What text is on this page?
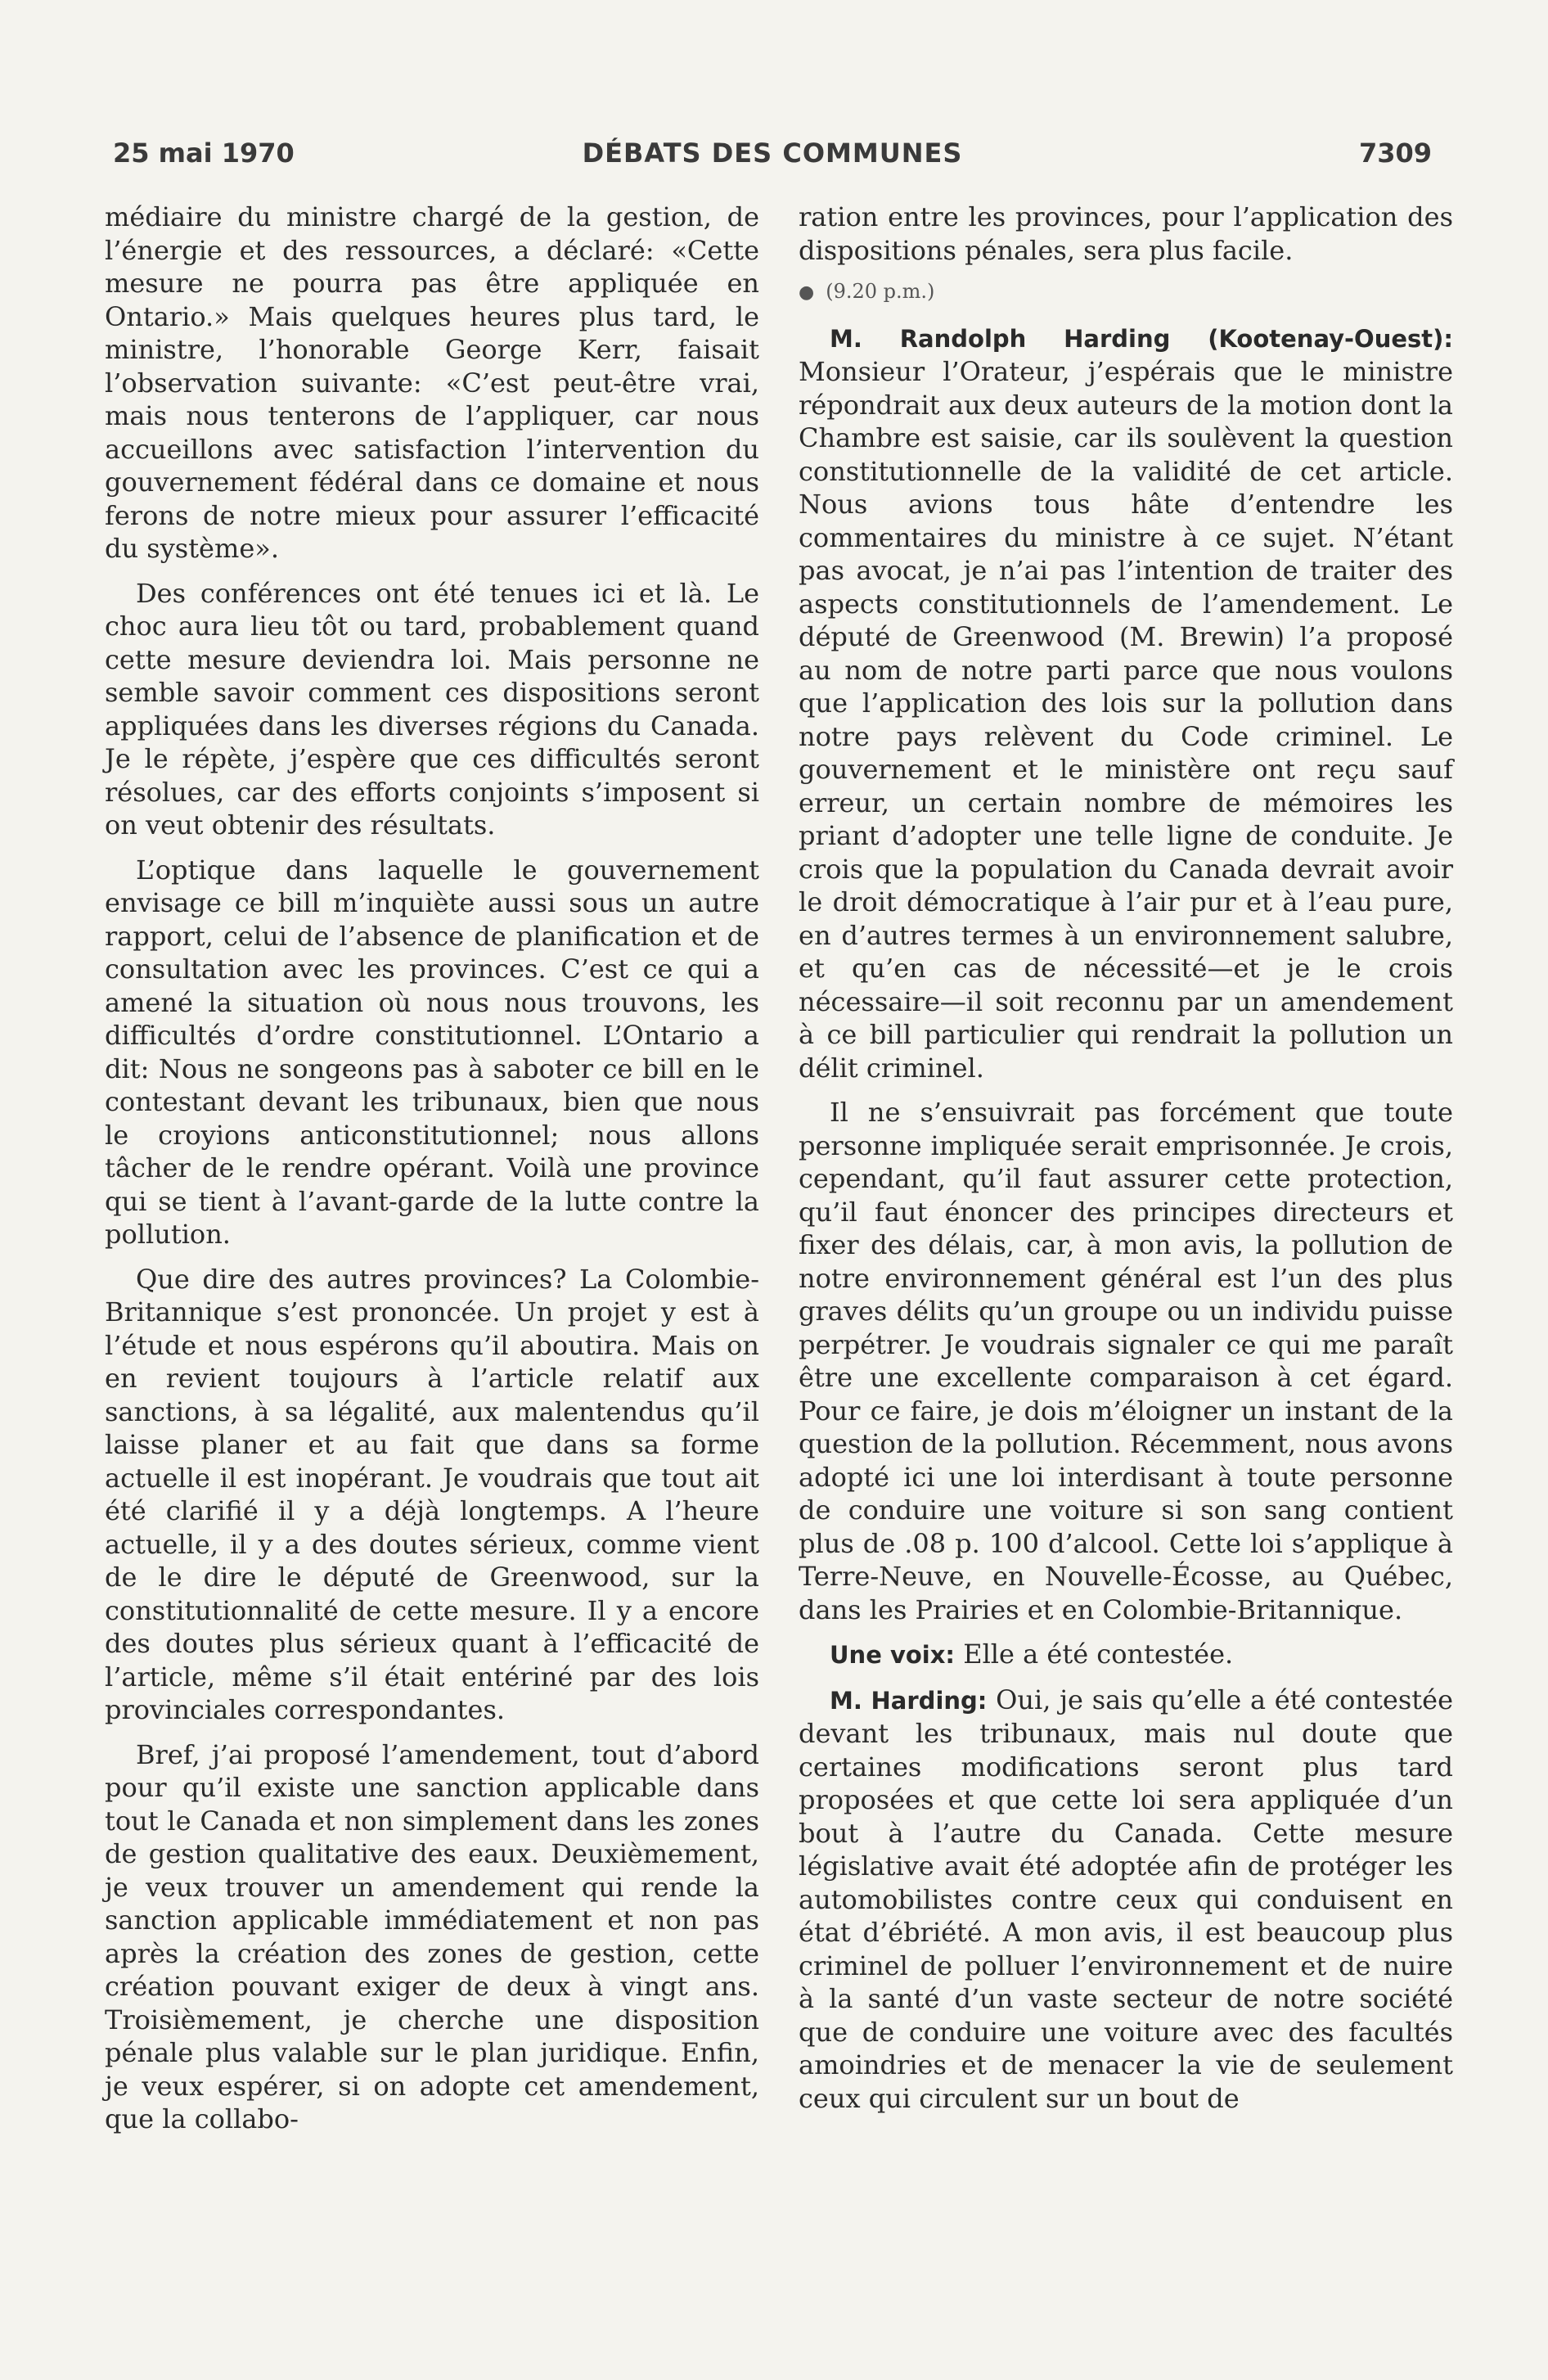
25 mai 1970	DÉBATS DES COMMUNES	7309

médiaire du ministre chargé de la gestion, de l’énergie et des ressources, a déclaré: «Cette mesure ne pourra pas être appliquée en Ontario.» Mais quelques heures plus tard, le ministre, l’honorable George Kerr, faisait l’observation suivante: «C’est peut-être vrai, mais nous tenterons de l’appliquer, car nous accueillons avec satisfaction l’intervention du gouvernement fédéral dans ce domaine et nous ferons de notre mieux pour assurer l’efficacité du système».

Des conférences ont été tenues ici et là. Le choc aura lieu tôt ou tard, probablement quand cette mesure deviendra loi. Mais personne ne semble savoir comment ces dispositions seront appliquées dans les diverses régions du Canada. Je le répète, j’espère que ces difficultés seront résolues, car des efforts conjoints s’imposent si on veut obtenir des résultats.

L’optique dans laquelle le gouvernement envisage ce bill m’inquiète aussi sous un autre rapport, celui de l’absence de planification et de consultation avec les provinces. C’est ce qui a amené la situation où nous nous trouvons, les difficultés d’ordre constitutionnel. L’Ontario a dit: Nous ne songeons pas à saboter ce bill en le contestant devant les tribunaux, bien que nous le croyions anticonstitutionnel; nous allons tâcher de le rendre opérant. Voilà une province qui se tient à l’avant-garde de la lutte contre la pollution.

Que dire des autres provinces? La Colombie-Britannique s’est prononcée. Un projet y est à l’étude et nous espérons qu’il aboutira. Mais on en revient toujours à l’article relatif aux sanctions, à sa légalité, aux malentendus qu’il laisse planer et au fait que dans sa forme actuelle il est inopérant. Je voudrais que tout ait été clarifié il y a déjà longtemps. A l’heure actuelle, il y a des doutes sérieux, comme vient de le dire le député de Greenwood, sur la constitutionnalité de cette mesure. Il y a encore des doutes plus sérieux quant à l’efficacité de l’article, même s’il était entériné par des lois provinciales correspondantes.

Bref, j’ai proposé l’amendement, tout d’abord pour qu’il existe une sanction applicable dans tout le Canada et non simplement dans les zones de gestion qualitative des eaux. Deuxièmement, je veux trouver un amendement qui rende la sanction applicable immédiatement et non pas après la création des zones de gestion, cette création pouvant exiger de deux à vingt ans. Troisièmement, je cherche une disposition pénale plus valable sur le plan juridique. Enfin, je veux espérer, si on adopte cet amendement, que la collabo-

ration entre les provinces, pour l’application des dispositions pénales, sera plus facile.

● (9.20 p.m.)

M. Randolph Harding (Kootenay-Ouest): Monsieur l’Orateur, j’espérais que le ministre répondrait aux deux auteurs de la motion dont la Chambre est saisie, car ils soulèvent la question constitutionnelle de la validité de cet article. Nous avions tous hâte d’entendre les commentaires du ministre à ce sujet. N’étant pas avocat, je n’ai pas l’intention de traiter des aspects constitutionnels de l’amendement. Le député de Greenwood (M. Brewin) l’a proposé au nom de notre parti parce que nous voulons que l’application des lois sur la pollution dans notre pays relèvent du Code criminel. Le gouvernement et le ministère ont reçu sauf erreur, un certain nombre de mémoires les priant d’adopter une telle ligne de conduite. Je crois que la population du Canada devrait avoir le droit démocratique à l’air pur et à l’eau pure, en d’autres termes à un environnement salubre, et qu’en cas de nécessité—et je le crois nécessaire—il soit reconnu par un amendement à ce bill particulier qui rendrait la pollution un délit criminel.

Il ne s’ensuivrait pas forcément que toute personne impliquée serait emprisonnée. Je crois, cependant, qu’il faut assurer cette protection, qu’il faut énoncer des principes directeurs et fixer des délais, car, à mon avis, la pollution de notre environnement général est l’un des plus graves délits qu’un groupe ou un individu puisse perpétrer. Je voudrais signaler ce qui me paraît être une excellente comparaison à cet égard. Pour ce faire, je dois m’éloigner un instant de la question de la pollution. Récemment, nous avons adopté ici une loi interdisant à toute personne de conduire une voiture si son sang contient plus de .08 p. 100 d’alcool. Cette loi s’applique à Terre-Neuve, en Nouvelle-Écosse, au Québec, dans les Prairies et en Colombie-Britannique.

Une voix: Elle a été contestée.

M. Harding: Oui, je sais qu’elle a été contestée devant les tribunaux, mais nul doute que certaines modifications seront plus tard proposées et que cette loi sera appliquée d’un bout à l’autre du Canada. Cette mesure législative avait été adoptée afin de protéger les automobilistes contre ceux qui conduisent en état d’ébriété. A mon avis, il est beaucoup plus criminel de polluer l’environnement et de nuire à la santé d’un vaste secteur de notre société que de conduire une voiture avec des facultés amoindries et de menacer la vie de seulement ceux qui circulent sur un bout de
